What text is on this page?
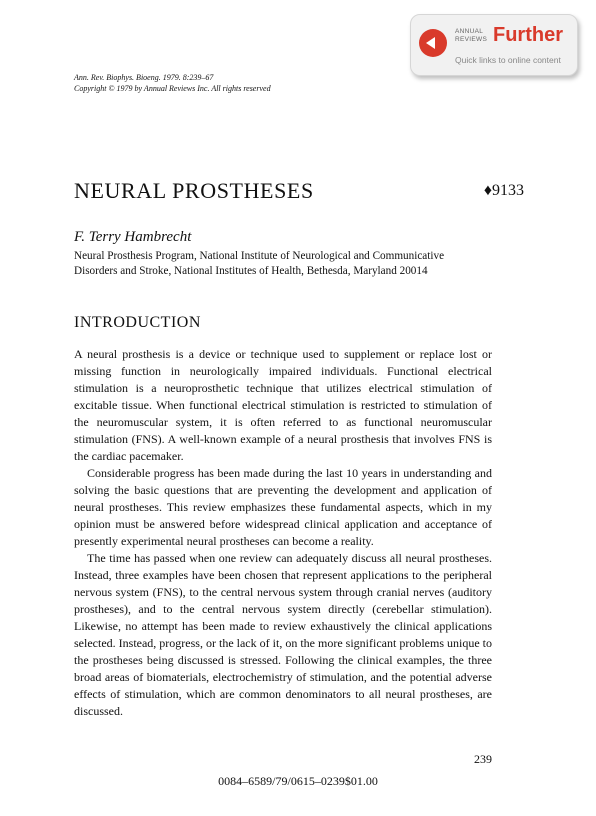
ANNUAL
REVIEWS Further
Quick links to online content
Ann. Rev. Biophys. Bioeng. 1979. 8:239–67
Copyright © 1979 by Annual Reviews Inc. All rights reserved
NEURAL PROSTHESES	♦9133
F. Terry Hambrecht
Neural Prosthesis Program, National Institute of Neurological and Communicative Disorders and Stroke, National Institutes of Health, Bethesda, Maryland 20014
INTRODUCTION

A neural prosthesis is a device or technique used to supplement or replace lost or missing function in neurologically impaired individuals. Functional electrical stimulation is a neuroprosthetic technique that utilizes electrical stimulation of excitable tissue. When functional electrical stimulation is restricted to stimulation of the neuromuscular system, it is often referred to as functional neuromuscular stimulation (FNS). A well-known example of a neural prosthesis that involves FNS is the cardiac pacemaker.

Considerable progress has been made during the last 10 years in understanding and solving the basic questions that are preventing the development and application of neural prostheses. This review emphasizes these fundamental aspects, which in my opinion must be answered before widespread clinical application and acceptance of presently experimental neural prostheses can become a reality.

The time has passed when one review can adequately discuss all neural prostheses. Instead, three examples have been chosen that represent applications to the peripheral nervous system (FNS), to the central nervous system through cranial nerves (auditory prostheses), and to the central nervous system directly (cerebellar stimulation). Likewise, no attempt has been made to review exhaustively the clinical applications selected. Instead, progress, or the lack of it, on the more significant problems unique to the prostheses being discussed is stressed. Following the clinical examples, the three broad areas of biomaterials, electrochemistry of stimulation, and the potential adverse effects of stimulation, which are common denominators to all neural prostheses, are discussed.

239
0084–6589/79/0615–0239$01.00
